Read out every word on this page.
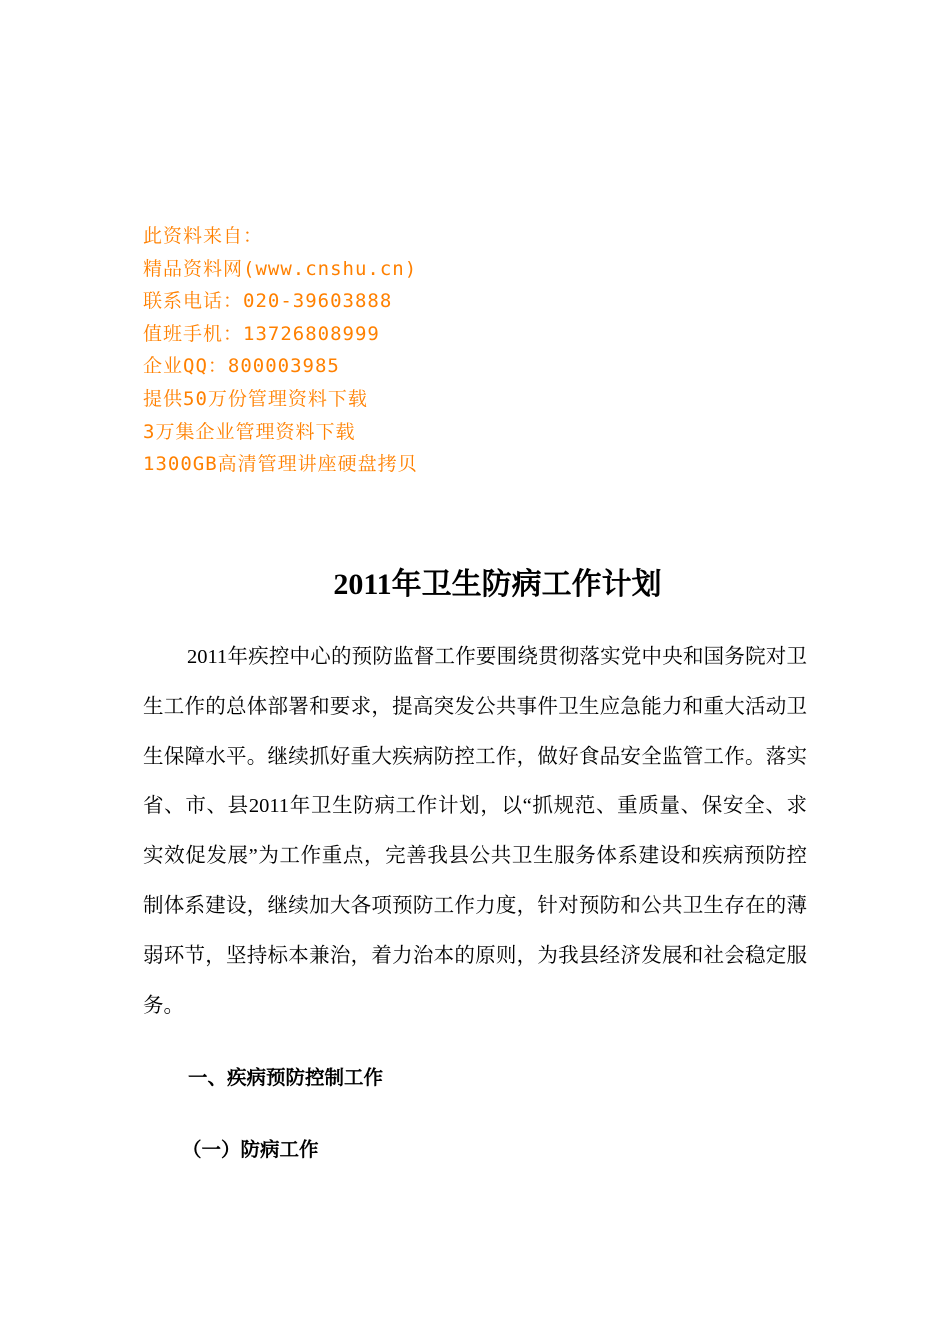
此资料来自：
精品资料网(www.cnshu.cn)
联系电话：020-39603888
值班手机：13726808999
企业QQ：800003985
提供50万份管理资料下载
3万集企业管理资料下载
1300GB高清管理讲座硬盘拷贝
2011年卫生防病工作计划

2011年疾控中心的预防监督工作要围绕贯彻落实党中央和国务院对卫生工作的总体部署和要求，提高突发公共事件卫生应急能力和重大活动卫生保障水平。继续抓好重大疾病防控工作，做好食品安全监管工作。落实省、市、县2011年卫生防病工作计划，以“抓规范、重质量、保安全、求实效促发展”为工作重点，完善我县公共卫生服务体系建设和疾病预防控制体系建设，继续加大各项预防工作力度，针对预防和公共卫生存在的薄弱环节，坚持标本兼治，着力治本的原则，为我县经济发展和社会稳定服务。

一、疾病预防控制工作
（一）防病工作
